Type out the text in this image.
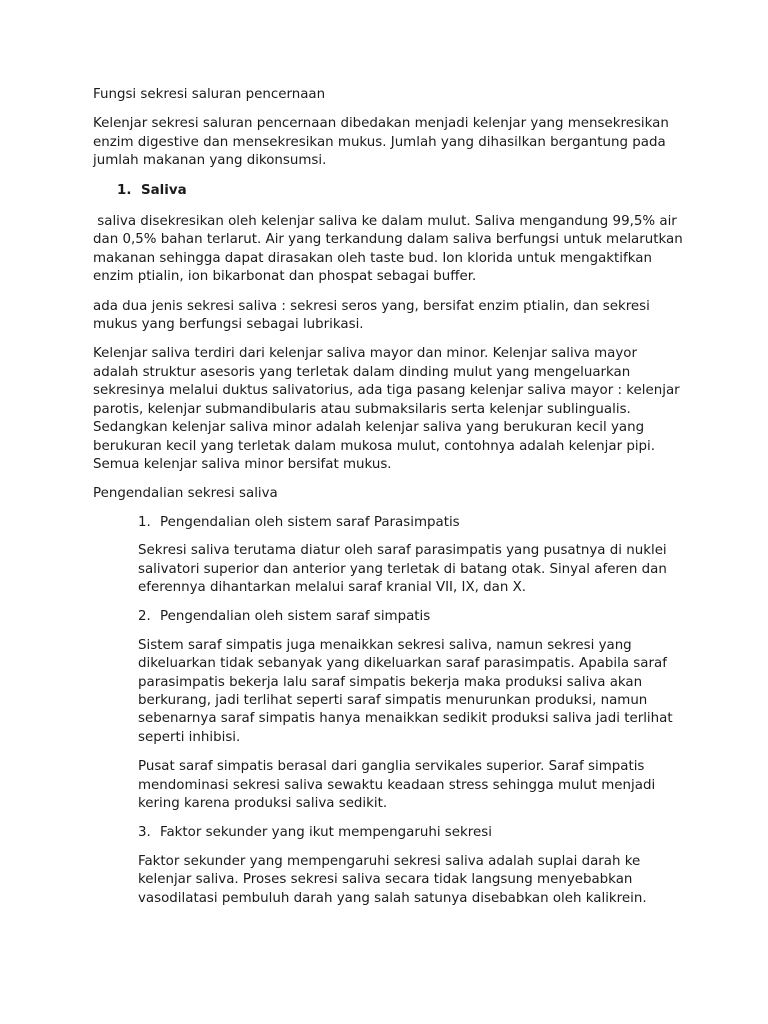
Fungsi sekresi saluran pencernaan

Kelenjar sekresi saluran pencernaan dibedakan menjadi kelenjar yang mensekresikan enzim digestive dan mensekresikan mukus. Jumlah yang dihasilkan bergantung pada jumlah makanan yang dikonsumsi.

1. Saliva

saliva disekresikan oleh kelenjar saliva ke dalam mulut. Saliva mengandung 99,5% air dan 0,5% bahan terlarut. Air yang terkandung dalam saliva berfungsi untuk melarutkan makanan sehingga dapat dirasakan oleh taste bud. Ion klorida untuk mengaktifkan enzim ptialin, ion bikarbonat dan phospat sebagai buffer.

ada dua jenis sekresi saliva : sekresi seros yang, bersifat enzim ptialin, dan sekresi mukus yang berfungsi sebagai lubrikasi.

Kelenjar saliva terdiri dari kelenjar saliva mayor dan minor. Kelenjar saliva mayor adalah struktur asesoris yang terletak dalam dinding mulut yang mengeluarkan sekresinya melalui duktus salivatorius, ada tiga pasang kelenjar saliva mayor : kelenjar parotis, kelenjar submandibularis atau submaksilaris serta kelenjar sublingualis. Sedangkan kelenjar saliva minor adalah kelenjar saliva yang berukuran kecil yang berukuran kecil yang terletak dalam mukosa mulut, contohnya adalah kelenjar pipi. Semua kelenjar saliva minor bersifat mukus.

Pengendalian sekresi saliva

1. Pengendalian oleh sistem saraf Parasimpatis

Sekresi saliva terutama diatur oleh saraf parasimpatis yang pusatnya di nuklei salivatori superior dan anterior yang terletak di batang otak. Sinyal aferen dan eferennya dihantarkan melalui saraf kranial VII, IX, dan X.

2. Pengendalian oleh sistem saraf simpatis

Sistem saraf simpatis juga menaikkan sekresi saliva, namun sekresi yang dikeluarkan tidak sebanyak yang dikeluarkan saraf parasimpatis. Apabila saraf parasimpatis bekerja lalu saraf simpatis bekerja maka produksi saliva akan berkurang, jadi terlihat seperti saraf simpatis menurunkan produksi, namun sebenarnya saraf simpatis hanya menaikkan sedikit produksi saliva jadi terlihat seperti inhibisi.

Pusat saraf simpatis berasal dari ganglia servikales superior. Saraf simpatis mendominasi sekresi saliva sewaktu keadaan stress sehingga mulut menjadi kering karena produksi saliva sedikit.

3. Faktor sekunder yang ikut mempengaruhi sekresi

Faktor sekunder yang mempengaruhi sekresi saliva adalah suplai darah ke kelenjar saliva. Proses sekresi saliva secara tidak langsung menyebabkan vasodilatasi pembuluh darah yang salah satunya disebabkan oleh kalikrein.
